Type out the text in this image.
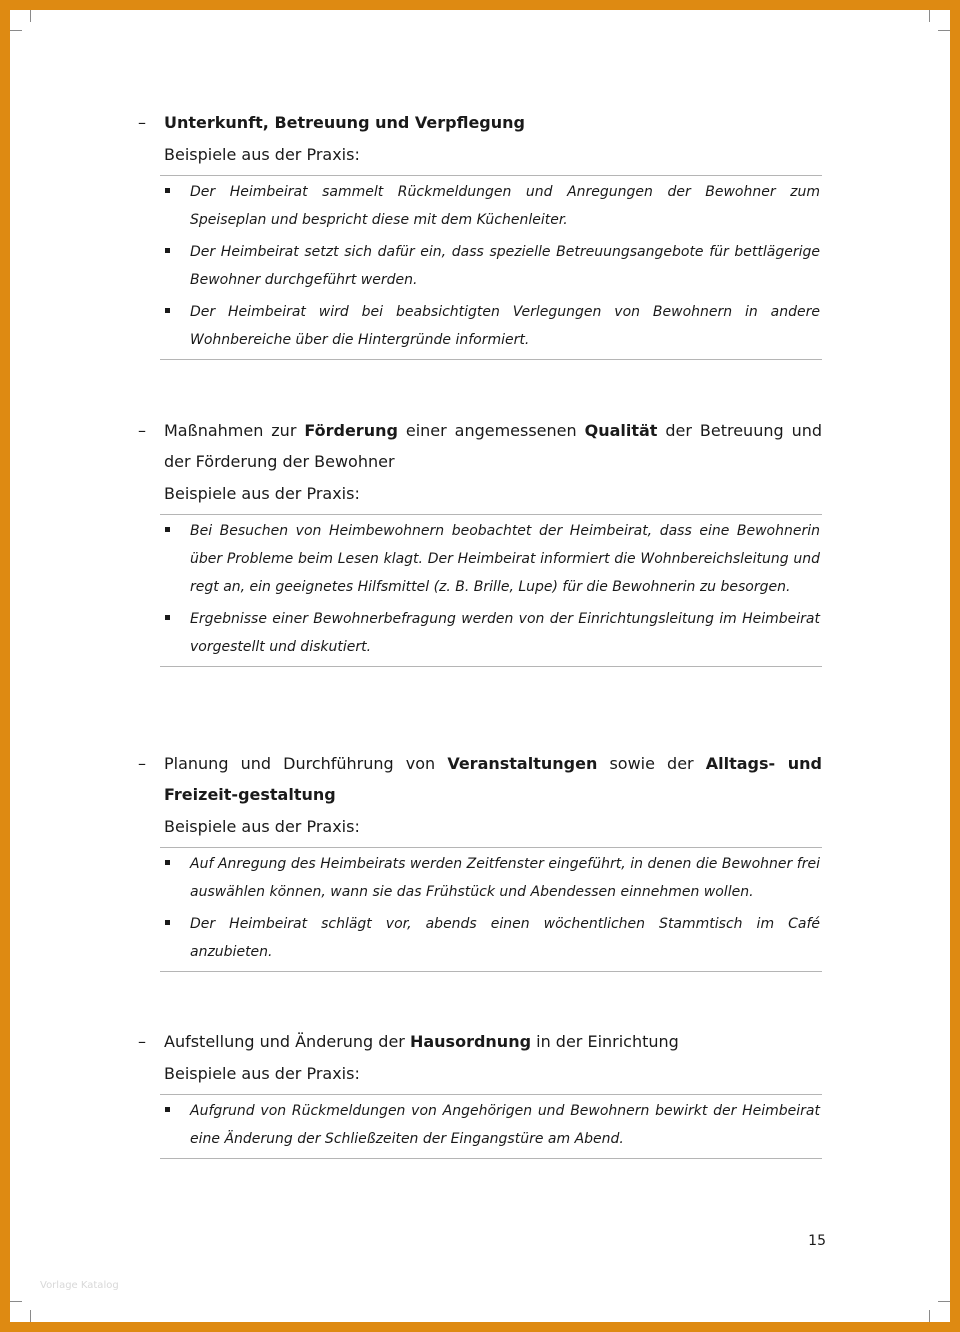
– Unterkunft, Betreuung und Verpflegung
Beispiele aus der Praxis:
Der Heimbeirat sammelt Rückmeldungen und Anregungen der Bewohner zum Speiseplan und bespricht diese mit dem Küchenleiter.
Der Heimbeirat setzt sich dafür ein, dass spezielle Betreuungsangebote für bettlägerige Bewohner durchgeführt werden.
Der Heimbeirat wird bei beabsichtigten Verlegungen von Bewohnern in andere Wohnbereiche über die Hintergründe informiert.
– Maßnahmen zur Förderung einer angemessenen Qualität der Betreuung und der Förderung der Bewohner
Beispiele aus der Praxis:
Bei Besuchen von Heimbewohnern beobachtet der Heimbeirat, dass eine Bewohnerin über Probleme beim Lesen klagt. Der Heimbeirat informiert die Wohnbereichsleitung und regt an, ein geeignetes Hilfsmittel (z. B. Brille, Lupe) für die Bewohnerin zu besorgen.
Ergebnisse einer Bewohnerbefragung werden von der Einrichtungsleitung im Heimbeirat vorgestellt und diskutiert.
– Planung und Durchführung von Veranstaltungen sowie der Alltags- und Freizeit-gestaltung
Beispiele aus der Praxis:
Auf Anregung des Heimbeirats werden Zeitfenster eingeführt, in denen die Bewohner frei auswählen können, wann sie das Frühstück und Abendessen einnehmen wollen.
Der Heimbeirat schlägt vor, abends einen wöchentlichen Stammtisch im Café anzubieten.
– Aufstellung und Änderung der Hausordnung in der Einrichtung
Beispiele aus der Praxis:
Aufgrund von Rückmeldungen von Angehörigen und Bewohnern bewirkt der Heimbeirat eine Änderung der Schließzeiten der Eingangstüre am Abend.
15
Vorlage Katalog
